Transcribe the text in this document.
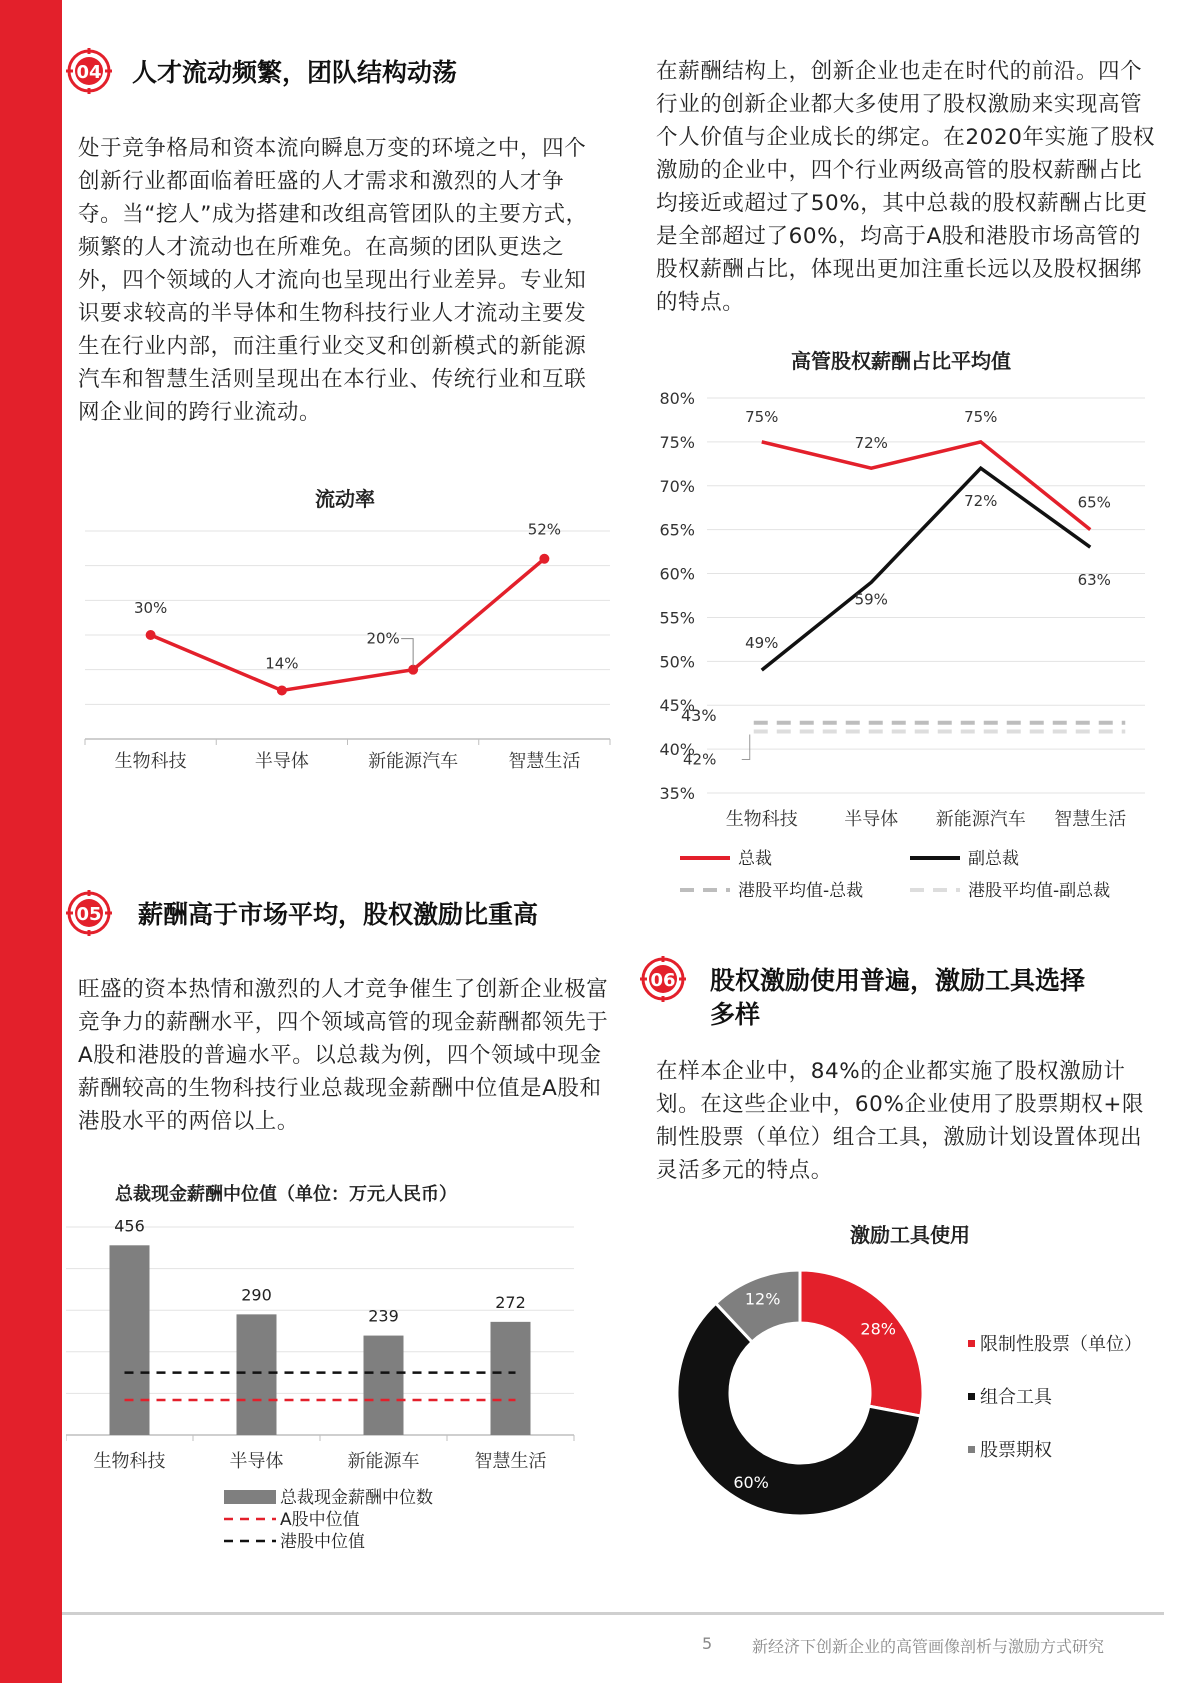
04 人才流动频繁，团队结构动荡
处于竞争格局和资本流向瞬息万变的环境之中，四个创新行业都面临着旺盛的人才需求和激烈的人才争夺。当“挖人”成为搭建和改组高管团队的主要方式，频繁的人才流动也在所难免。在高频的团队更迭之外，四个领域的人才流向也呈现出行业差异。专业知识要求较高的半导体和生物科技行业人才流动主要发生在行业内部，而注重行业交叉和创新模式的新能源汽车和智慧生活则呈现出在本行业、传统行业和互联网企业间的跨行业流动。
流动率
30%
14%
20%
52%
生物科技	半导体	新能源汽车	智慧生活
在薪酬结构上，创新企业也走在时代的前沿。四个行业的创新企业都大多使用了股权激励来实现高管个人价值与企业成长的绑定。在2020年实施了股权激励的企业中，四个行业两级高管的股权薪酬占比均接近或超过了50%，其中总裁的股权薪酬占比更是全部超过了60%，均高于A股和港股市场高管的股权薪酬占比，体现出更加注重长远以及股权捆绑的特点。
高管股权薪酬占比平均值
35%
40%
45%
50%
55%
60%
65%
70%
75%
80%
75%
72%
75%
65%
49%
59%
72%
63%
43%
42%
生物科技	半导体 新能源汽车 智慧生活
总裁	副总裁
港股平均值-总裁	港股平均值-副总裁
05 薪酬高于市场平均，股权激励比重高
旺盛的资本热情和激烈的人才竞争催生了创新企业极富竞争力的薪酬水平，四个领域高管的现金薪酬都领先于A股和港股的普遍水平。以总裁为例，四个领域中现金薪酬较高的生物科技行业总裁现金薪酬中位值是A股和港股水平的两倍以上。
总裁现金薪酬中位值（单位：万元人民币）
456
290
239
272
生物科技	半导体	新能源车	智慧生活
总裁现金薪酬中位数
A股中位值
港股中位值
06 股权激励使用普遍，激励工具选择
多样
在样本企业中，84%的企业都实施了股权激励计划。在这些企业中，60%企业使用了股票期权+限制性股票（单位）组合工具，激励计划设置体现出灵活多元的特点。
激励工具使用
28%
60%
12%
限制性股票（单位）
组合工具
股票期权
5 新经济下创新企业的高管画像剖析与激励方式研究
